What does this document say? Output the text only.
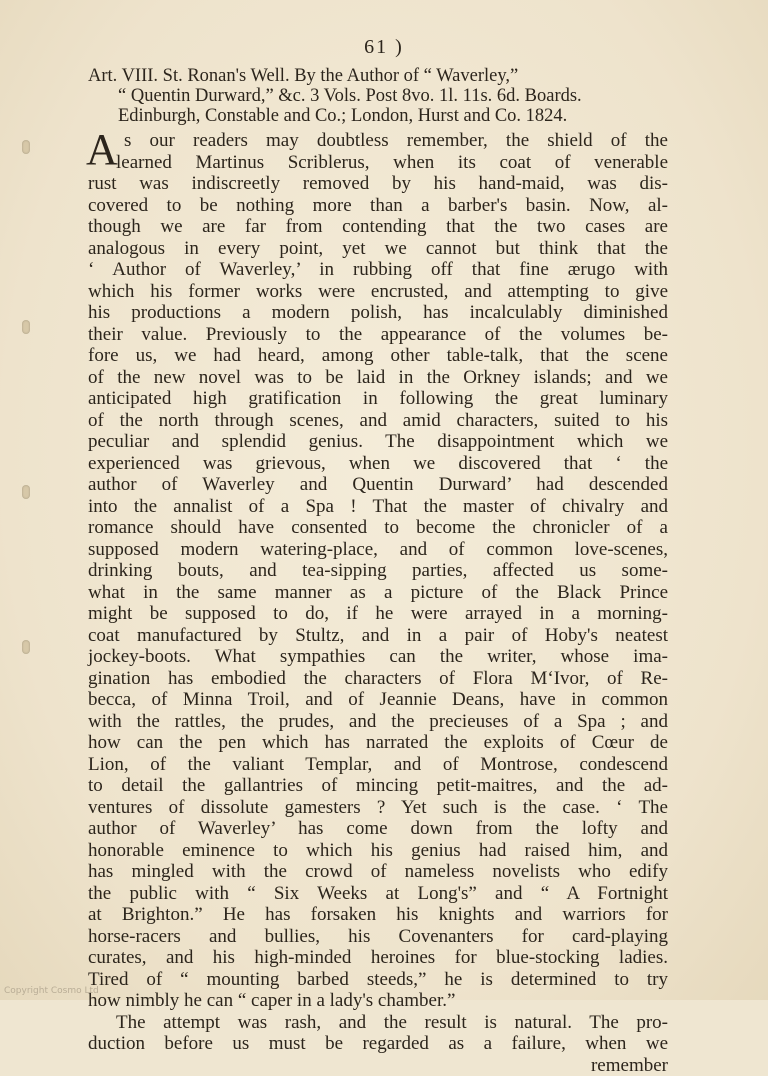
61 )
Art. VIII. St. Ronan's Well. By the Author of “ Waverley,”
“ Quentin Durward,” &c. 3 Vols. Post 8vo. 1l. 11s. 6d. Boards.
Edinburgh, Constable and Co.; London, Hurst and Co. 1824.
A s our readers may doubtless remember, the shield of the
learned Martinus Scriblerus, when its coat of venerable
rust was indiscreetly removed by his hand-maid, was dis-
covered to be nothing more than a barber's basin. Now, al-
though we are far from contending that the two cases are
analogous in every point, yet we cannot but think that the
‘ Author of Waverley,’ in rubbing off that fine ærugo with
which his former works were encrusted, and attempting to give
his productions a modern polish, has incalculably diminished
their value. Previously to the appearance of the volumes be-
fore us, we had heard, among other table-talk, that the scene
of the new novel was to be laid in the Orkney islands; and we
anticipated high gratification in following the great luminary
of the north through scenes, and amid characters, suited to his
peculiar and splendid genius. The disappointment which we
experienced was grievous, when we discovered that ‘ the
author of Waverley and Quentin Durward’ had descended
into the annalist of a Spa ! That the master of chivalry and
romance should have consented to become the chronicler of a
supposed modern watering-place, and of common love-scenes,
drinking bouts, and tea-sipping parties, affected us some-
what in the same manner as a picture of the Black Prince
might be supposed to do, if he were arrayed in a morning-
coat manufactured by Stultz, and in a pair of Hoby's neatest
jockey-boots. What sympathies can the writer, whose ima-
gination has embodied the characters of Flora M‘Ivor, of Re-
becca, of Minna Troil, and of Jeannie Deans, have in common
with the rattles, the prudes, and the precieuses of a Spa ; and
how can the pen which has narrated the exploits of Cœur de
Lion, of the valiant Templar, and of Montrose, condescend
to detail the gallantries of mincing petit-maitres, and the ad-
ventures of dissolute gamesters ? Yet such is the case. ‘ The
author of Waverley’ has come down from the lofty and
honorable eminence to which his genius had raised him, and
has mingled with the crowd of nameless novelists who edify
the public with “ Six Weeks at Long's” and “ A Fortnight
at Brighton.” He has forsaken his knights and warriors for
horse-racers and bullies, his Covenanters for card-playing
curates, and his high-minded heroines for blue-stocking ladies.
Tired of “ mounting barbed steeds,” he is determined to try
how nimbly he can “ caper in a lady's chamber.”
The attempt was rash, and the result is natural. The pro-
duction before us must be regarded as a failure, when we
remember
Copyright Cosmo Ltd
